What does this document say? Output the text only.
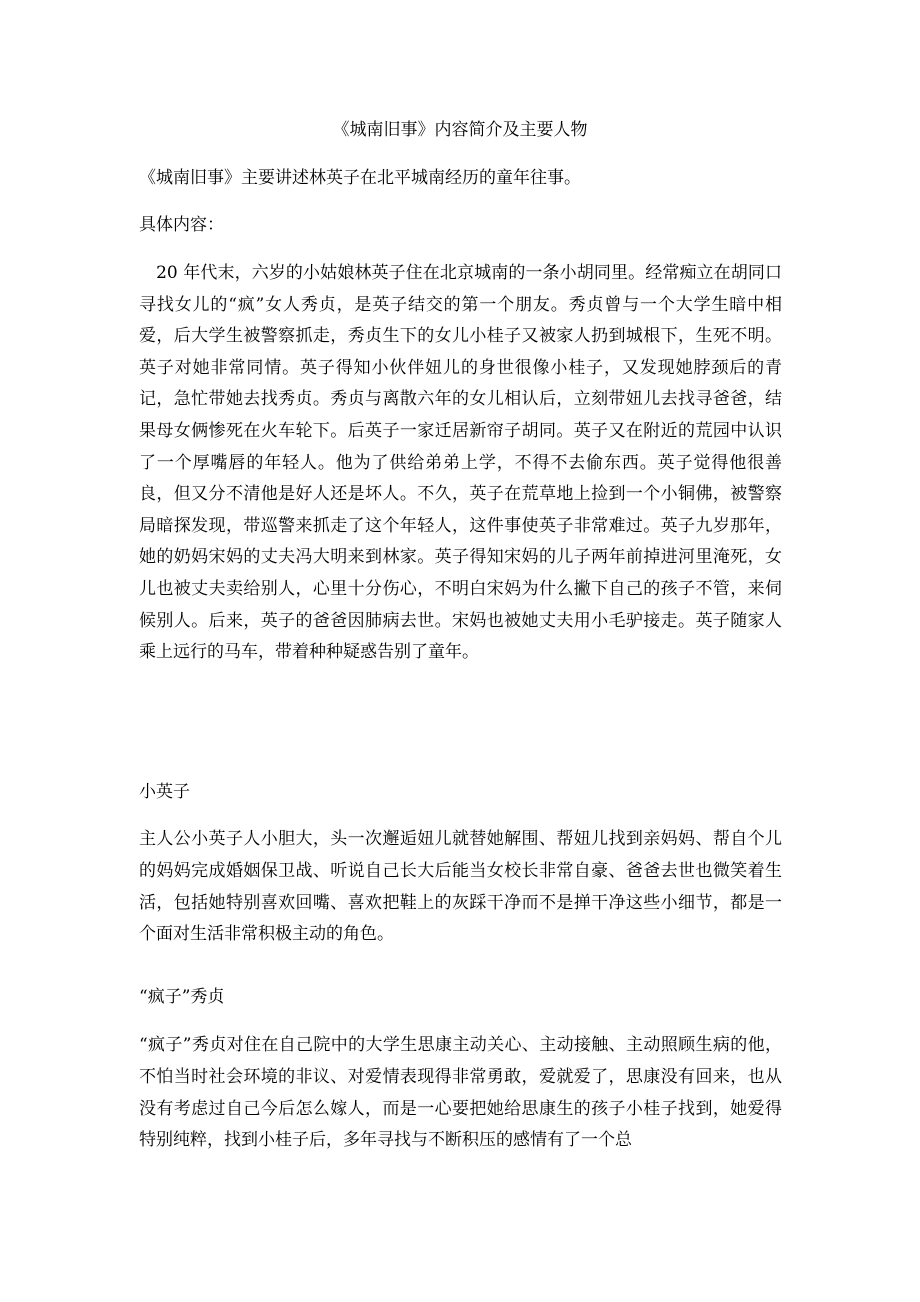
《城南旧事》内容简介及主要人物

《城南旧事》主要讲述林英子在北平城南经历的童年往事。

具体内容：

　20 年代末，六岁的小姑娘林英子住在北京城南的一条小胡同里。经常痴立在胡同口寻找女儿的“疯”女人秀贞，是英子结交的第一个朋友。秀贞曾与一个大学生暗中相爱，后大学生被警察抓走，秀贞生下的女儿小桂子又被家人扔到城根下，生死不明。英子对她非常同情。英子得知小伙伴妞儿的身世很像小桂子，又发现她脖颈后的青记，急忙带她去找秀贞。秀贞与离散六年的女儿相认后，立刻带妞儿去找寻爸爸，结果母女俩惨死在火车轮下。后英子一家迁居新帘子胡同。英子又在附近的荒园中认识了一个厚嘴唇的年轻人。他为了供给弟弟上学，不得不去偷东西。英子觉得他很善良，但又分不清他是好人还是坏人。不久，英子在荒草地上捡到一个小铜佛，被警察局暗探发现，带巡警来抓走了这个年轻人，这件事使英子非常难过。英子九岁那年，她的奶妈宋妈的丈夫冯大明来到林家。英子得知宋妈的儿子两年前掉进河里淹死，女儿也被丈夫卖给别人，心里十分伤心，不明白宋妈为什么撇下自己的孩子不管，来伺候别人。后来，英子的爸爸因肺病去世。宋妈也被她丈夫用小毛驴接走。英子随家人乘上远行的马车，带着种种疑惑告别了童年。

小英子

主人公小英子人小胆大，头一次邂逅妞儿就替她解围、帮妞儿找到亲妈妈、帮自个儿的妈妈完成婚姻保卫战、听说自己长大后能当女校长非常自豪、爸爸去世也微笑着生活，包括她特别喜欢回嘴、喜欢把鞋上的灰踩干净而不是掸干净这些小细节，都是一个面对生活非常积极主动的角色。

“疯子”秀贞

“疯子”秀贞对住在自己院中的大学生思康主动关心、主动接触、主动照顾生病的他，不怕当时社会环境的非议、对爱情表现得非常勇敢，爱就爱了，思康没有回来，也从没有考虑过自己今后怎么嫁人，而是一心要把她给思康生的孩子小桂子找到，她爱得特别纯粹，找到小桂子后，多年寻找与不断积压的感情有了一个总
